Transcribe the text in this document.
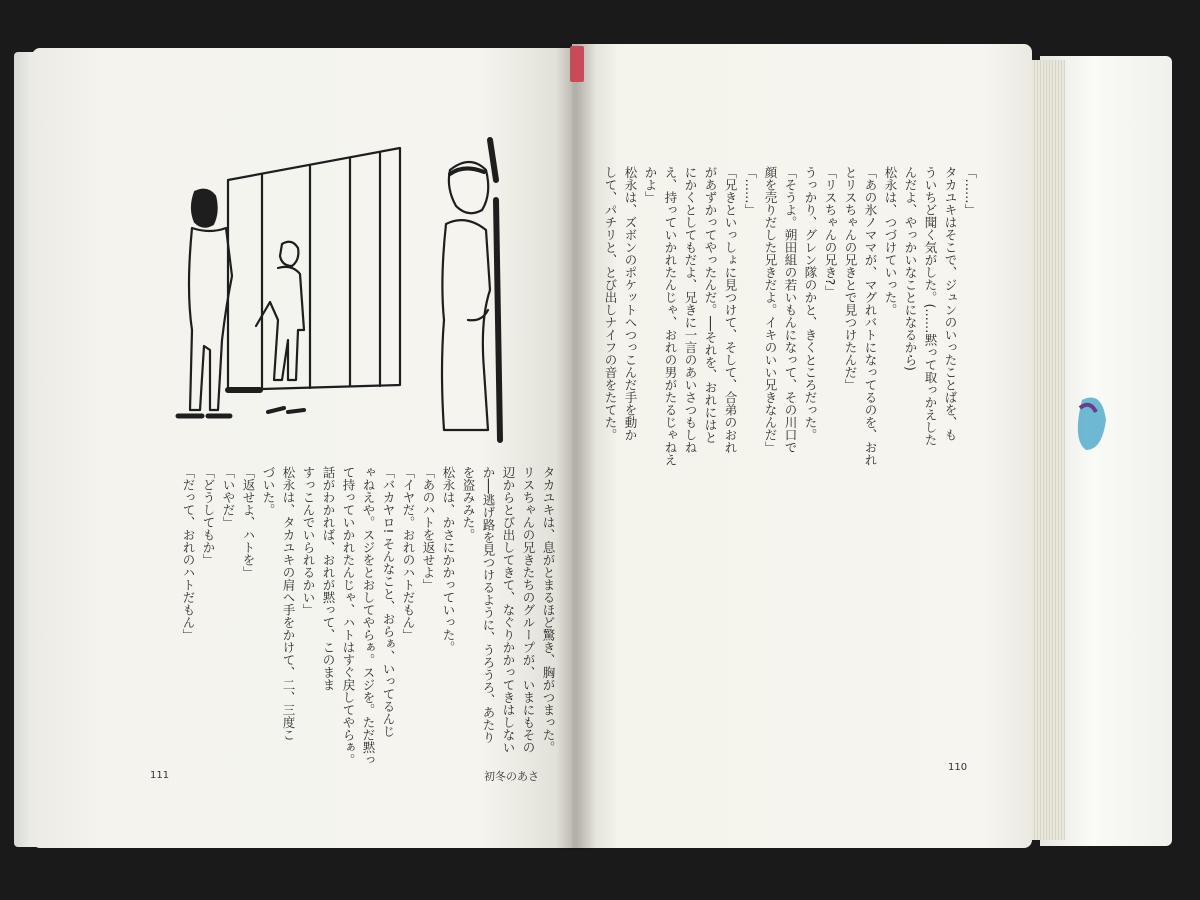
「……」
タカユキはそこで、ジュンのいったことばを、も
ういちど聞く気がした。(……黙って取っかえした
んだよ、やっかいなことになるから)
松永は、つづけていった。
「あの氷ノママが、マグれバトになってるのを、おれ
とリスちゃんの兄きとで見つけたんだ」
「リスちゃんの兄き?」
うっかり、グレン隊のかと、きくところだった。
「そうよ。朔田組の若いもんになって、その川口で
顔を売りだした兄きだよ。イキのいい兄きなんだ」
「……」
「兄きといっしょに見つけて、そして、合弟のおれ
があずかってやったんだ。──それを、おれにはと
にかくとしてもだよ、兄きに一言のあいさつもしね
え、持っていかれたんじゃ、おれの男がたるじゃねえ
かよ」
松永は、ズボンのポケットへつっこんだ手を動か
して、パチリと、とび出しナイフの音をたてた。
タカユキは、息がとまるほど驚き、胸がつまった。
リスちゃんの兄きたちのグループが、いまにもその
辺からとび出してきて、なぐりかかってきはしない
か──逃げ路を見つけるように、うろうろ、あたり
を盗みみた。
松永は、かさにかかっていった。
「あのハトを返せよ」
「イヤだ。おれのハトだもん」
「バカヤロ! そんなこと、おらぁ、いってるんじ
ゃねえや。スジをとおしてやらぁ。スジを。ただ黙っ
て持っていかれたんじゃ、ハトはすぐ戻してやらぁ。
話がわかれば、おれが黙って、このまま
すっこんでいられるかい」
松永は、タカユキの肩へ手をかけて、二、三度こ
づいた。
「返せよ、ハトを」
「いやだ」
「どうしてもか」
「だって、おれのハトだもん」
111	初冬のあさ
110
